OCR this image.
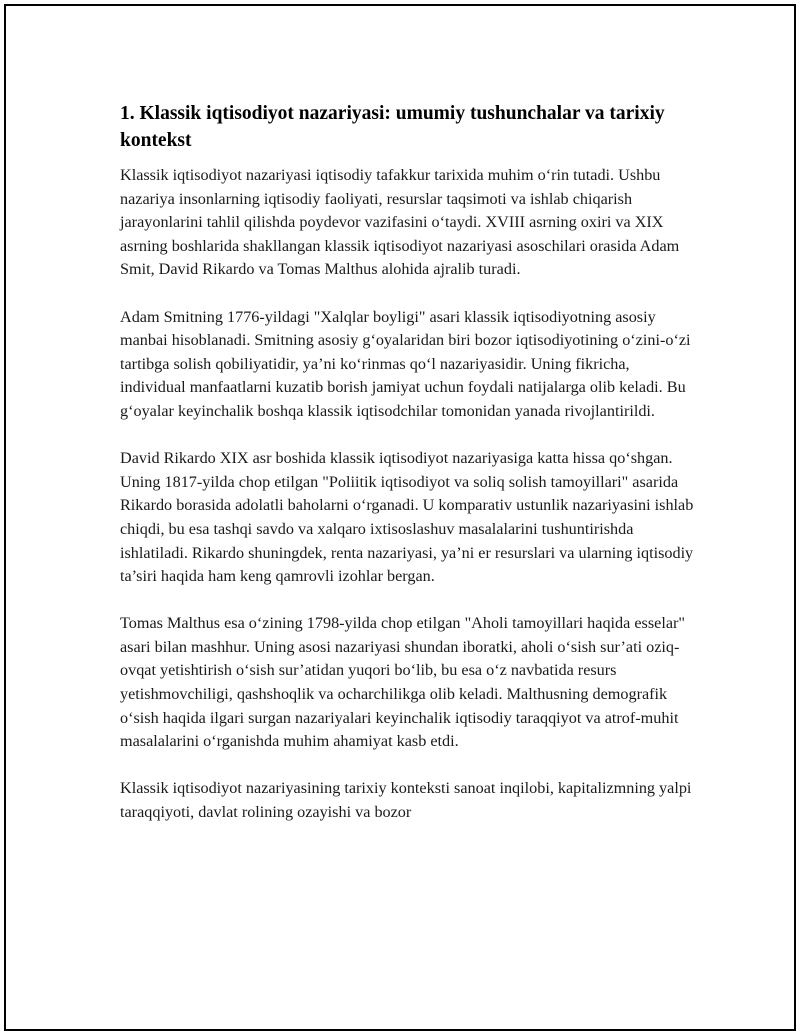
1. Klassik iqtisodiyot nazariyasi: umumiy tushunchalar va tarixiy kontekst

Klassik iqtisodiyot nazariyasi iqtisodiy tafakkur tarixida muhim o‘rin tutadi. Ushbu nazariya insonlarning iqtisodiy faoliyati, resurslar taqsimoti va ishlab chiqarish jarayonlarini tahlil qilishda poydevor vazifasini o‘taydi. XVIII asrning oxiri va XIX asrning boshlarida shakllangan klassik iqtisodiyot nazariyasi asoschilari orasida Adam Smit, David Rikardo va Tomas Malthus alohida ajralib turadi.

Adam Smitning 1776-yildagi "Xalqlar boyligi" asari klassik iqtisodiyotning asosiy manbai hisoblanadi. Smitning asosiy g‘oyalaridan biri bozor iqtisodiyotining o‘zini-o‘zi tartibga solish qobiliyatidir, ya’ni ko‘rinmas qo‘l nazariyasidir. Uning fikricha, individual manfaatlarni kuzatib borish jamiyat uchun foydali natijalarga olib keladi. Bu g‘oyalar keyinchalik boshqa klassik iqtisodchilar tomonidan yanada rivojlantirildi.

David Rikardo XIX asr boshida klassik iqtisodiyot nazariyasiga katta hissa qo‘shgan. Uning 1817-yilda chop etilgan "Poliitik iqtisodiyot va soliq solish tamoyillari" asarida Rikardo borasida adolatli baholarni o‘rganadi. U komparativ ustunlik nazariyasini ishlab chiqdi, bu esa tashqi savdo va xalqaro ixtisoslashuv masalalarini tushuntirishda ishlatiladi. Rikardo shuningdek, renta nazariyasi, ya’ni er resurslari va ularning iqtisodiy ta’siri haqida ham keng qamrovli izohlar bergan.

Tomas Malthus esa o‘zining 1798-yilda chop etilgan "Aholi tamoyillari haqida esselar" asari bilan mashhur. Uning asosi nazariyasi shundan iboratki, aholi o‘sish sur’ati oziq-ovqat yetishtirish o‘sish sur’atidan yuqori bo‘lib, bu esa o‘z navbatida resurs yetishmovchiligi, qashshoqlik va ocharchilikga olib keladi. Malthusning demografik o‘sish haqida ilgari surgan nazariyalari keyinchalik iqtisodiy taraqqiyot va atrof-muhit masalalarini o‘rganishda muhim ahamiyat kasb etdi.

Klassik iqtisodiyot nazariyasining tarixiy konteksti sanoat inqilobi, kapitalizmning yalpi taraqqiyoti, davlat rolining ozayishi va bozor
